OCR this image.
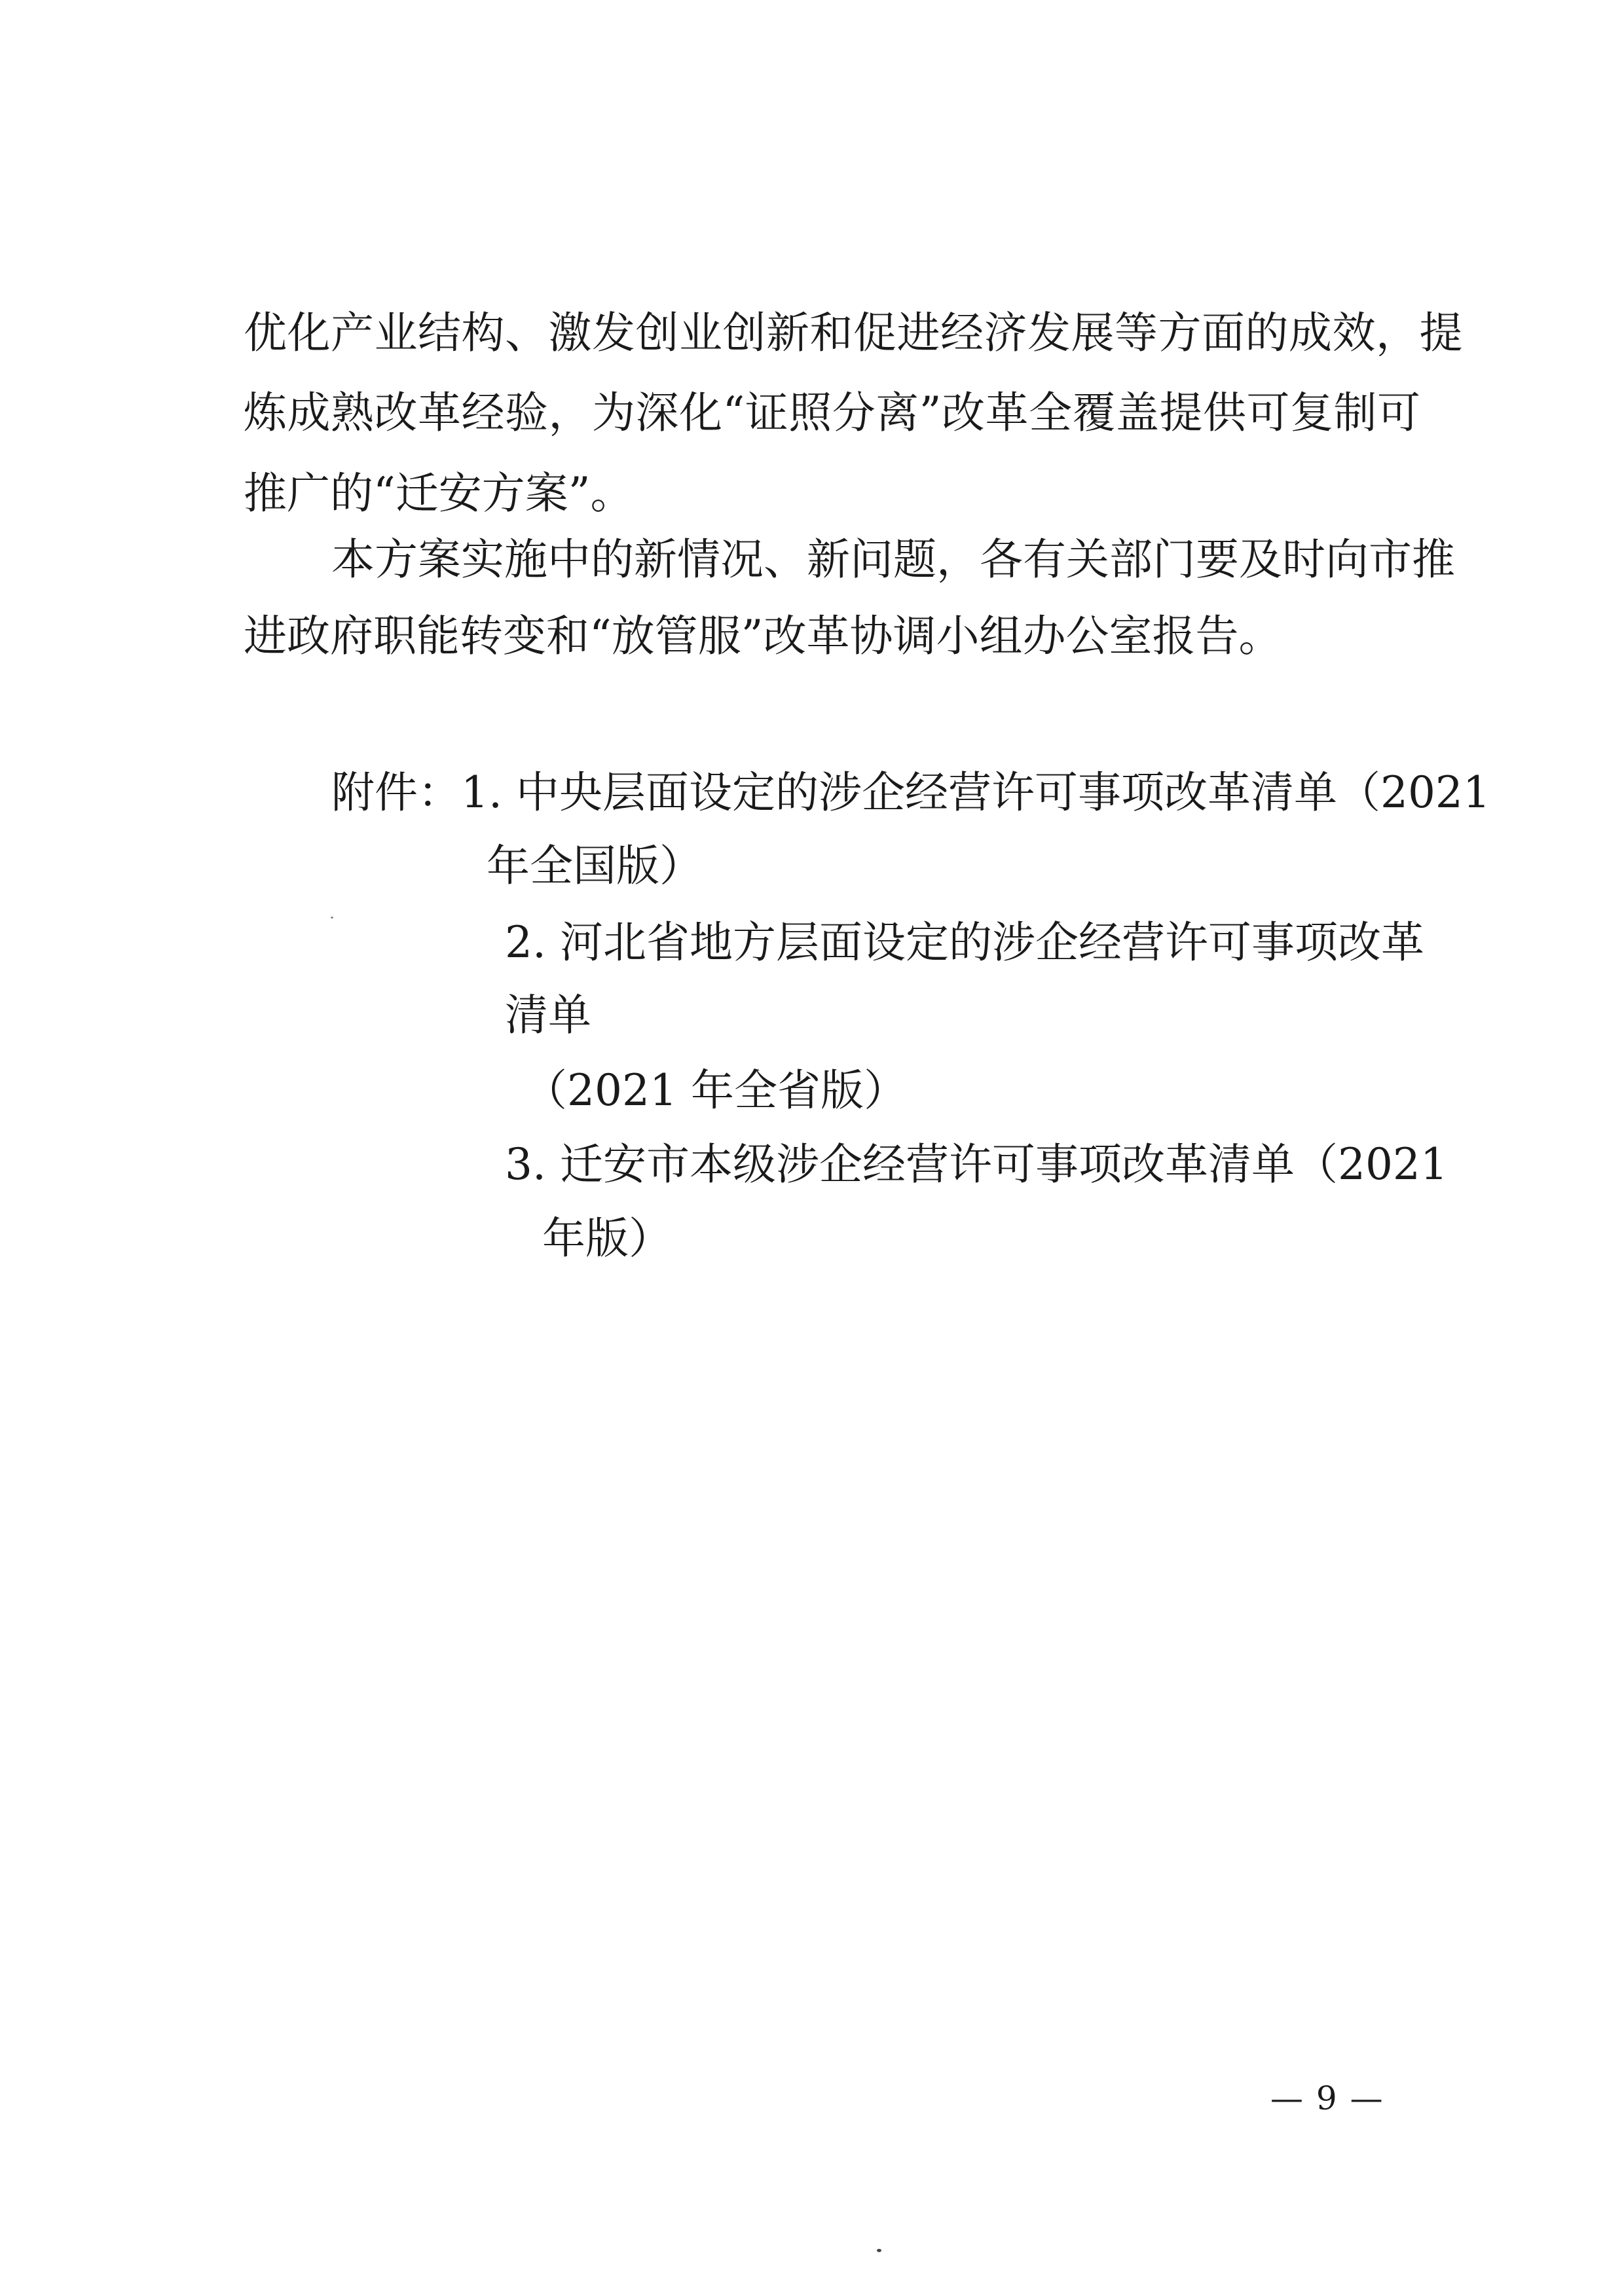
优化产业结构、激发创业创新和促进经济发展等方面的成效，提
炼成熟改革经验，为深化“证照分离”改革全覆盖提供可复制可
推广的“迁安方案”。
本方案实施中的新情况、新问题，各有关部门要及时向市推
进政府职能转变和“放管服”改革协调小组办公室报告。
附件：1. 中央层面设定的涉企经营许可事项改革清单（2021
年全国版）
2. 河北省地方层面设定的涉企经营许可事项改革
清单
（2021 年全省版）
3. 迁安市本级涉企经营许可事项改革清单（2021
年版）
— 9 —
